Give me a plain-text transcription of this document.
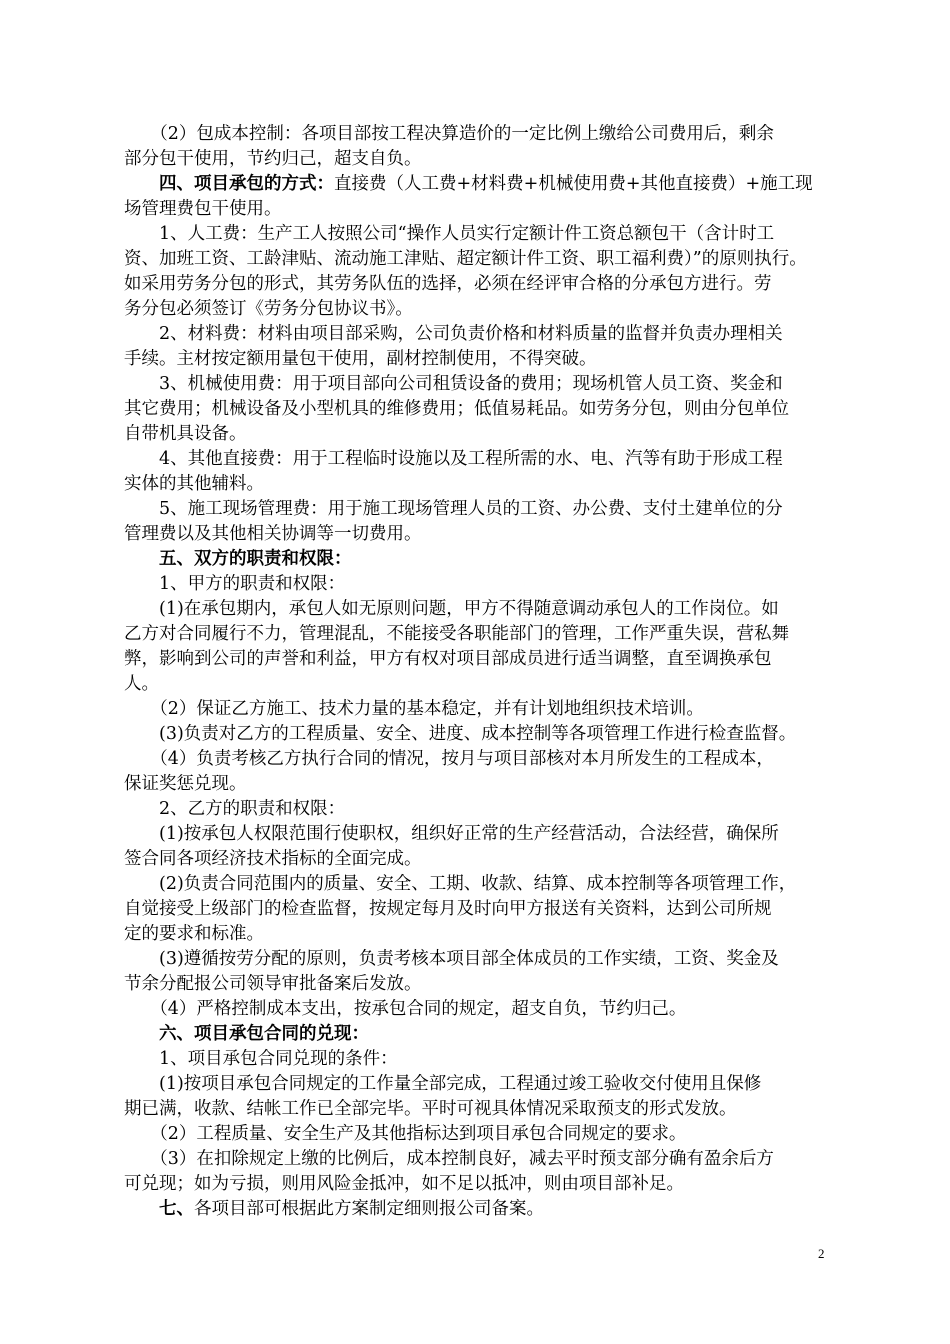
　　（2）包成本控制：各项目部按工程决算造价的一定比例上缴给公司费用后，剩余
部分包干使用，节约归己，超支自负。
　　四、项目承包的方式：直接费（人工费+材料费+机械使用费+其他直接费）+施工现
场管理费包干使用。
　　1、人工费：生产工人按照公司“操作人员实行定额计件工资总额包干（含计时工
资、加班工资、工龄津贴、流动施工津贴、超定额计件工资、职工福利费）”的原则执行。
如采用劳务分包的形式，其劳务队伍的选择，必须在经评审合格的分承包方进行。劳
务分包必须签订《劳务分包协议书》。
　　2、材料费：材料由项目部采购，公司负责价格和材料质量的监督并负责办理相关
手续。主材按定额用量包干使用，副材控制使用，不得突破。
　　3、机械使用费：用于项目部向公司租赁设备的费用；现场机管人员工资、奖金和
其它费用；机械设备及小型机具的维修费用；低值易耗品。如劳务分包，则由分包单位
自带机具设备。
　　4、其他直接费：用于工程临时设施以及工程所需的水、电、汽等有助于形成工程
实体的其他辅料。
　　5、施工现场管理费：用于施工现场管理人员的工资、办公费、支付土建单位的分
管理费以及其他相关协调等一切费用。
　　五、双方的职责和权限：
　　1、甲方的职责和权限：
　　(1)在承包期内，承包人如无原则问题，甲方不得随意调动承包人的工作岗位。如
乙方对合同履行不力，管理混乱，不能接受各职能部门的管理，工作严重失误，营私舞
弊，影响到公司的声誉和利益，甲方有权对项目部成员进行适当调整，直至调换承包
人。
　　（2）保证乙方施工、技术力量的基本稳定，并有计划地组织技术培训。
　　(3)负责对乙方的工程质量、安全、进度、成本控制等各项管理工作进行检查监督。
　　（4）负责考核乙方执行合同的情况，按月与项目部核对本月所发生的工程成本，
保证奖惩兑现。
　　2、乙方的职责和权限：
　　(1)按承包人权限范围行使职权，组织好正常的生产经营活动，合法经营，确保所
签合同各项经济技术指标的全面完成。
　　(2)负责合同范围内的质量、安全、工期、收款、结算、成本控制等各项管理工作，
自觉接受上级部门的检查监督，按规定每月及时向甲方报送有关资料，达到公司所规
定的要求和标准。
　　(3)遵循按劳分配的原则，负责考核本项目部全体成员的工作实绩，工资、奖金及
节余分配报公司领导审批备案后发放。
　　（4）严格控制成本支出，按承包合同的规定，超支自负，节约归己。
　　六、项目承包合同的兑现：
　　1、项目承包合同兑现的条件：
　　(1)按项目承包合同规定的工作量全部完成，工程通过竣工验收交付使用且保修
期已满，收款、结帐工作已全部完毕。平时可视具体情况采取预支的形式发放。
　　（2）工程质量、安全生产及其他指标达到项目承包合同规定的要求。
　　（3）在扣除规定上缴的比例后，成本控制良好，减去平时预支部分确有盈余后方
可兑现；如为亏损，则用风险金抵冲，如不足以抵冲，则由项目部补足。
　　七、各项目部可根据此方案制定细则报公司备案。
2
